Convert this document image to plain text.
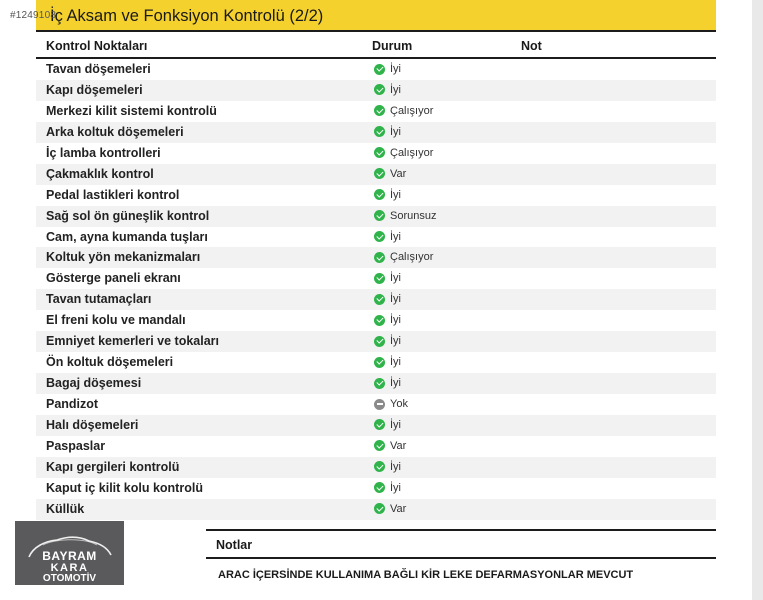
#1249108
İç Aksam ve Fonksiyon Kontrolü (2/2)
Kontrol Noktaları	Durum	Not
Tavan döşemeleri	İyi
Kapı döşemeleri	İyi
Merkezi kilit sistemi kontrolü	Çalışıyor
Arka koltuk döşemeleri	İyi
İç lamba kontrolleri	Çalışıyor
Çakmaklık kontrol	Var
Pedal lastikleri kontrol	İyi
Sağ sol ön güneşlik kontrol	Sorunsuz
Cam, ayna kumanda tuşları	İyi
Koltuk yön mekanizmaları	Çalışıyor
Gösterge paneli ekranı	İyi
Tavan tutamaçları	İyi
El freni kolu ve mandalı	İyi
Emniyet kemerleri ve tokaları	İyi
Ön koltuk döşemeleri	İyi
Bagaj döşemesi	İyi
Pandizot	Yok
Halı döşemeleri	İyi
Paspaslar	Var
Kapı gergileri kontrolü	İyi
Kaput iç kilit kolu kontrolü	İyi
Küllük	Var
Notlar
ARAC İÇERSİNDE KULLANIMA BAĞLI KİR LEKE DEFARMASYONLAR MEVCUT
BAYRAM
KARA
OTOMOTİV
